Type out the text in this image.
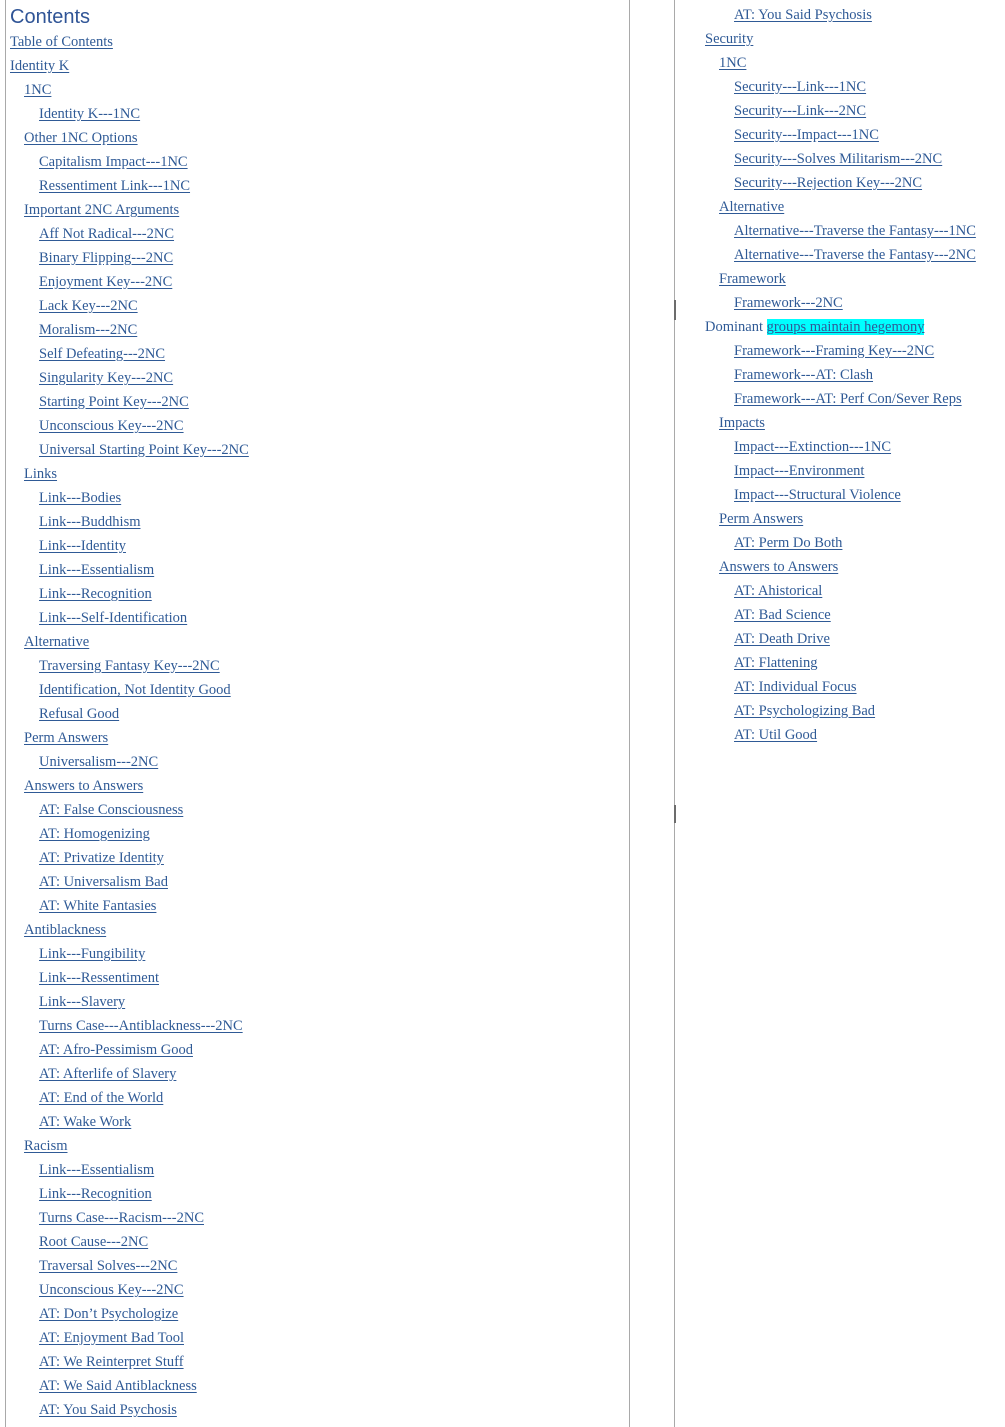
Contents
Table of Contents
Identity K
1NC
Identity K---1NC
Other 1NC Options
Capitalism Impact---1NC
Ressentiment Link---1NC
Important 2NC Arguments
Aff Not Radical---2NC
Binary Flipping---2NC
Enjoyment Key---2NC
Lack Key---2NC
Moralism---2NC
Self Defeating---2NC
Singularity Key---2NC
Starting Point Key---2NC
Unconscious Key---2NC
Universal Starting Point Key---2NC
Links
Link---Bodies
Link---Buddhism
Link---Identity
Link---Essentialism
Link---Recognition
Link---Self-Identification
Alternative
Traversing Fantasy Key---2NC
Identification, Not Identity Good
Refusal Good
Perm Answers
Universalism---2NC
Answers to Answers
AT: False Consciousness
AT: Homogenizing
AT: Privatize Identity
AT: Universalism Bad
AT: White Fantasies
Antiblackness
Link---Fungibility
Link---Ressentiment
Link---Slavery
Turns Case---Antiblackness---2NC
AT: Afro-Pessimism Good
AT: Afterlife of Slavery
AT: End of the World
AT: Wake Work
Racism
Link---Essentialism
Link---Recognition
Turns Case---Racism---2NC
Root Cause---2NC
Traversal Solves---2NC
Unconscious Key---2NC
AT: Don’t Psychologize
AT: Enjoyment Bad Tool
AT: We Reinterpret Stuff
AT: We Said Antiblackness
AT: You Said Psychosis
AT: You Said Psychosis
Security
1NC
Security---Link---1NC
Security---Link---2NC
Security---Impact---1NC
Security---Solves Militarism---2NC
Security---Rejection Key---2NC
Alternative
Alternative---Traverse the Fantasy---1NC
Alternative---Traverse the Fantasy---2NC
Framework
Framework---2NC
Dominant groups maintain hegemony
Framework---Framing Key---2NC
Framework---AT: Clash
Framework---AT: Perf Con/Sever Reps
Impacts
Impact---Extinction---1NC
Impact---Environment
Impact---Structural Violence
Perm Answers
AT: Perm Do Both
Answers to Answers
AT: Ahistorical
AT: Bad Science
AT: Death Drive
AT: Flattening
AT: Individual Focus
AT: Psychologizing Bad
AT: Util Good
